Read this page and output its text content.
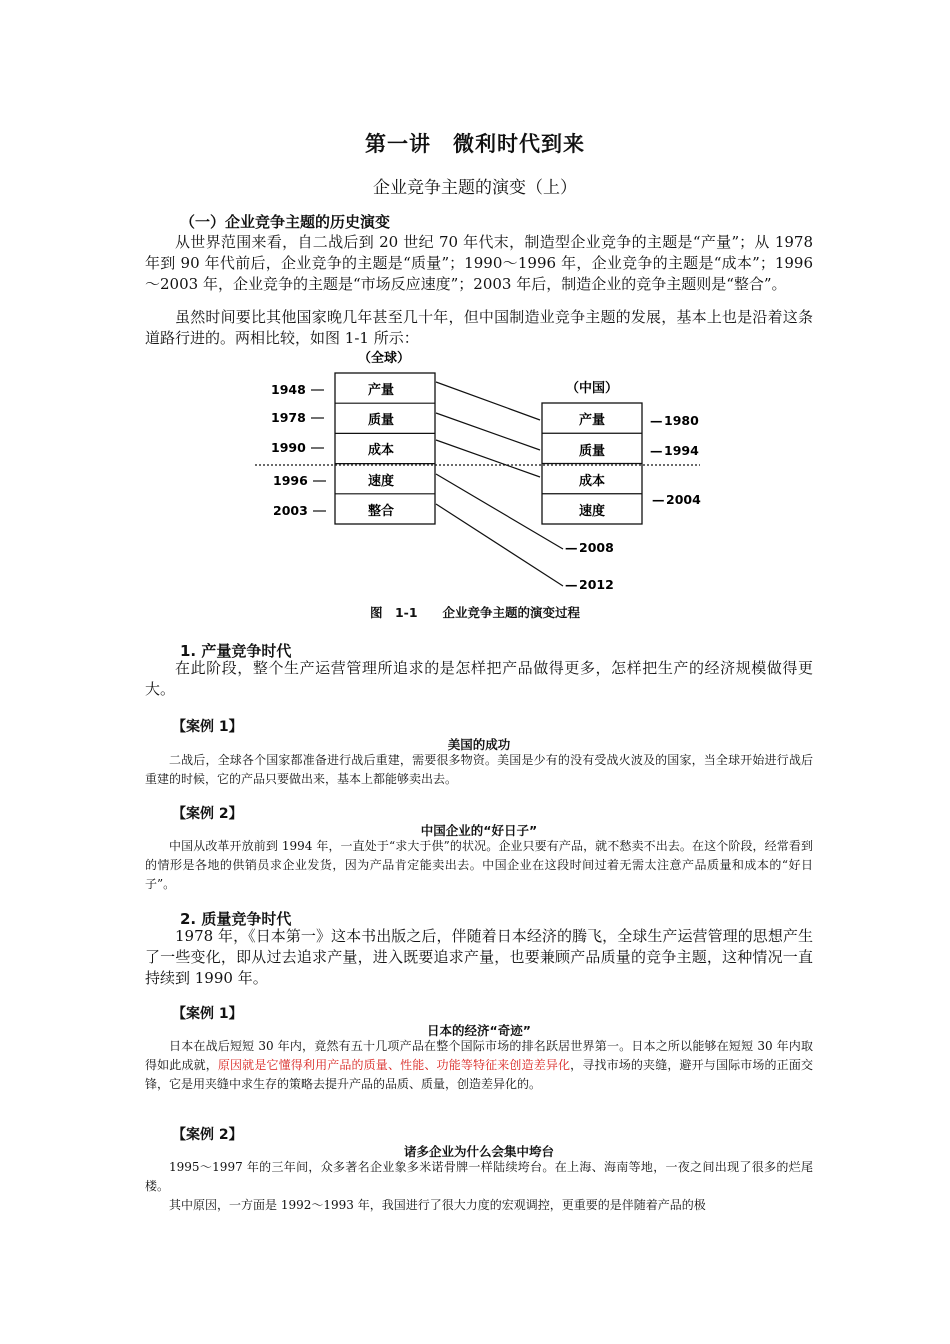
第一讲　微利时代到来
企业竞争主题的演变（上）
（一）企业竞争主题的历史演变
从世界范围来看，自二战后到 20 世纪 70 年代末，制造型企业竞争的主题是“产量”；从 1978 年到 90 年代前后，企业竞争的主题是“质量”；1990～1996 年，企业竞争的主题是“成本”；1996～2003 年，企业竞争的主题是“市场反应速度”；2003 年后，制造企业的竞争主题则是“整合”。
虽然时间要比其他国家晚几年甚至几十年，但中国制造业竞争主题的发展，基本上也是沿着这条道路行进的。两相比较，如图 1-1 所示：
（全球）
产量
质量
成本
速度
整合
1948
1978
1990
1996
2003
（中国）
产量
质量
成本
速度
— 1980
— 1994
— 2004
— 2008
— 2012
图　1-1　　企业竞争主题的演变过程
1. 产量竞争时代
在此阶段，整个生产运营管理所追求的是怎样把产品做得更多，怎样把生产的经济规模做得更大。
【案例 1】
美国的成功
二战后，全球各个国家都准备进行战后重建，需要很多物资。美国是少有的没有受战火波及的国家，当全球开始进行战后重建的时候，它的产品只要做出来，基本上都能够卖出去。
【案例 2】
中国企业的“好日子”
中国从改革开放前到 1994 年，一直处于“求大于供”的状况。企业只要有产品，就不愁卖不出去。在这个阶段，经常看到的情形是各地的供销员求企业发货，因为产品肯定能卖出去。中国企业在这段时间过着无需太注意产品质量和成本的“好日子”。
2. 质量竞争时代
1978 年，《日本第一》这本书出版之后，伴随着日本经济的腾飞，全球生产运营管理的思想产生了一些变化，即从过去追求产量，进入既要追求产量，也要兼顾产品质量的竞争主题，这种情况一直持续到 1990 年。
【案例 1】
日本的经济“奇迹”
日本在战后短短 30 年内，竟然有五十几项产品在整个国际市场的排名跃居世界第一。日本之所以能够在短短 30 年内取得如此成就，原因就是它懂得利用产品的质量、性能、功能等特征来创造差异化，寻找市场的夹缝，避开与国际市场的正面交锋，它是用夹缝中求生存的策略去提升产品的品质、质量，创造差异化的。
【案例 2】
诸多企业为什么会集中垮台
1995～1997 年的三年间，众多著名企业象多米诺骨牌一样陆续垮台。在上海、海南等地，一夜之间出现了很多的烂尾楼。
其中原因，一方面是 1992～1993 年，我国进行了很大力度的宏观调控，更重要的是伴随着产品的极
